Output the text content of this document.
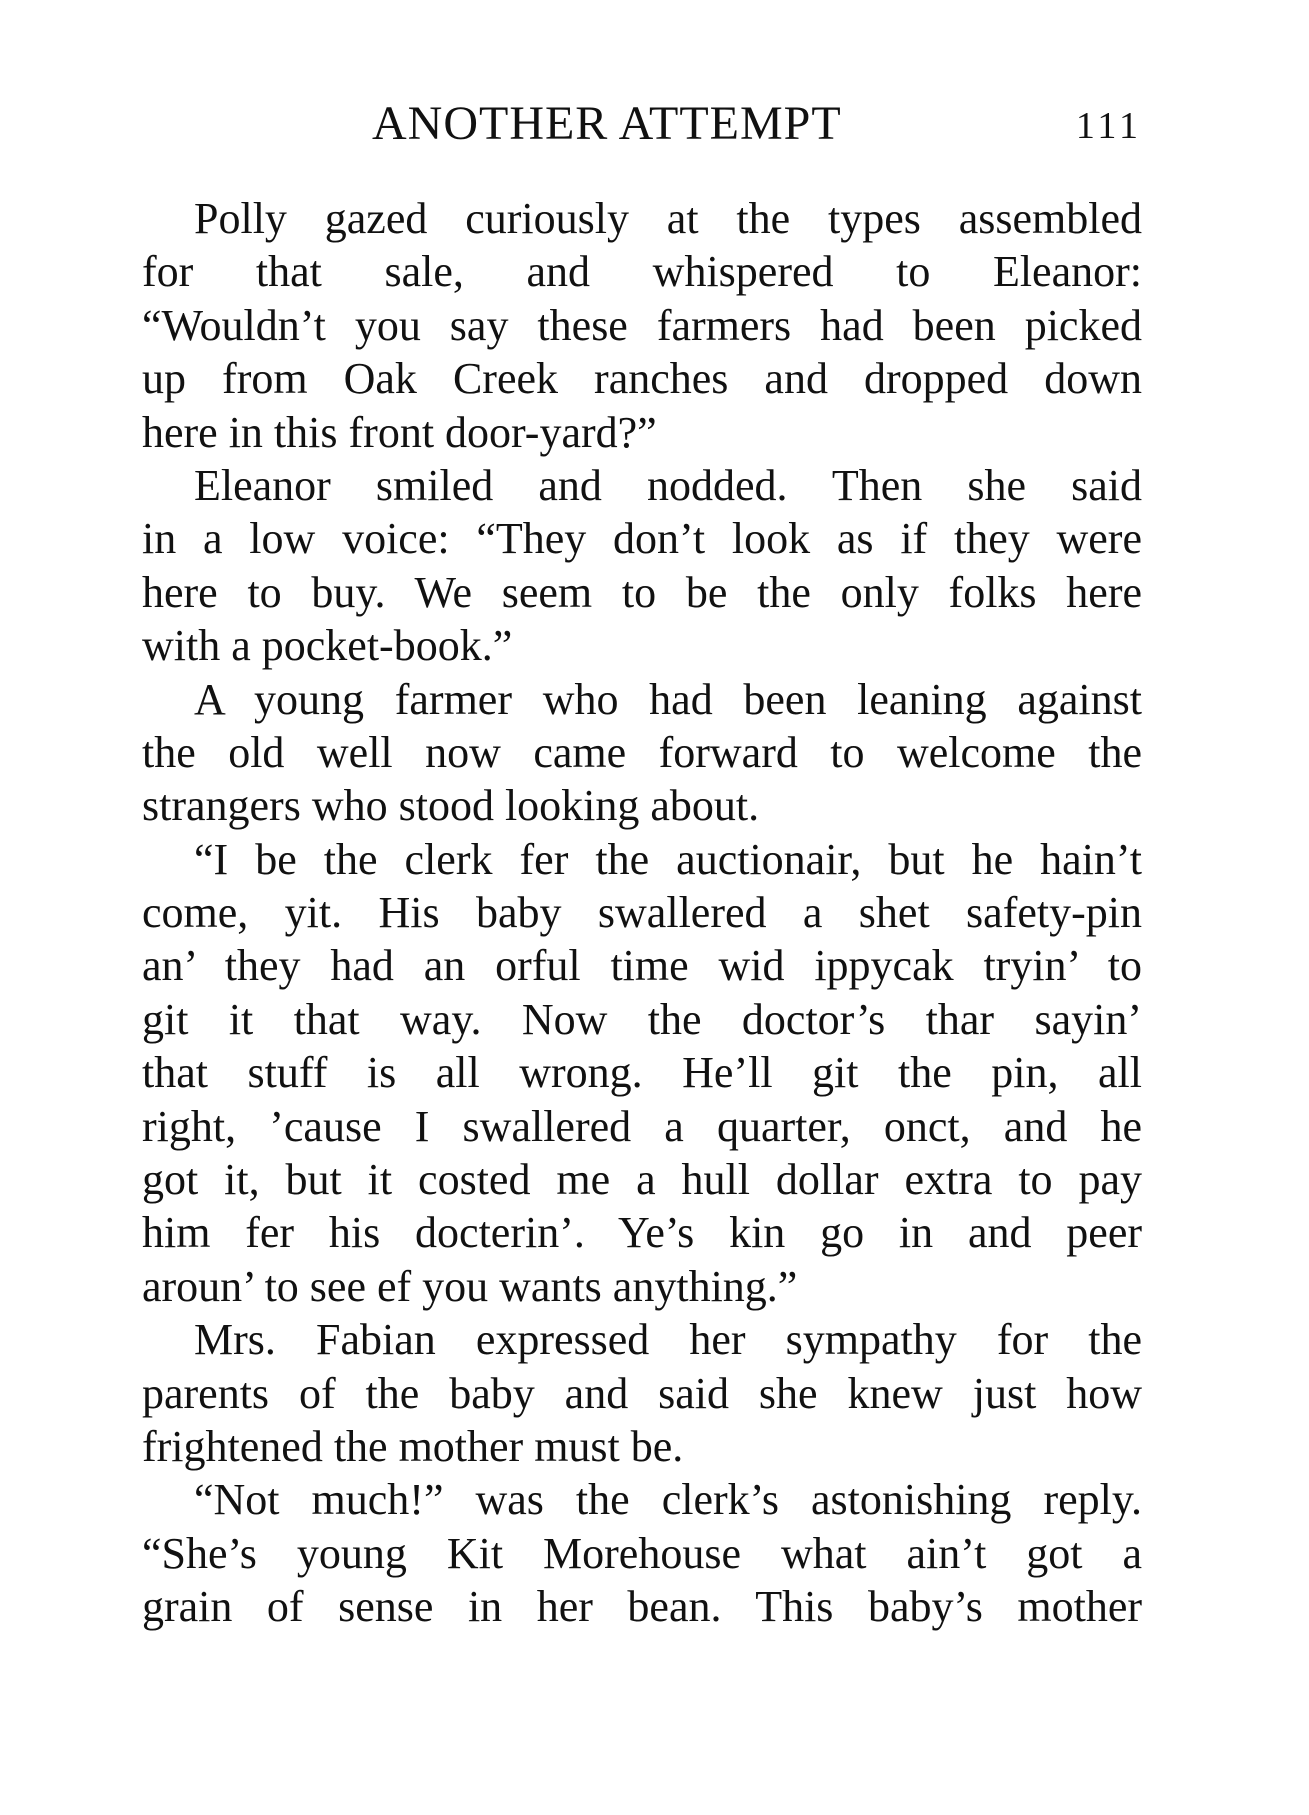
ANOTHER ATTEMPT	111
Polly gazed curiously at the types assembled
for that sale, and whispered to Eleanor:
“Wouldn’t you say these farmers had been picked
up from Oak Creek ranches and dropped down
here in this front door-yard?”
Eleanor smiled and nodded. Then she said
in a low voice: “They don’t look as if they were
here to buy. We seem to be the only folks here
with a pocket-book.”
A young farmer who had been leaning against
the old well now came forward to welcome the
strangers who stood looking about.
“I be the clerk fer the auctionair, but he hain’t
come, yit. His baby swallered a shet safety-pin
an’ they had an orful time wid ippycak tryin’ to
git it that way. Now the doctor’s thar sayin’
that stuff is all wrong. He’ll git the pin, all
right, ’cause I swallered a quarter, onct, and he
got it, but it costed me a hull dollar extra to pay
him fer his docterin’. Ye’s kin go in and peer
aroun’ to see ef you wants anything.”
Mrs. Fabian expressed her sympathy for the
parents of the baby and said she knew just how
frightened the mother must be.
“Not much!” was the clerk’s astonishing reply.
“She’s young Kit Morehouse what ain’t got a
grain of sense in her bean. This baby’s mother
